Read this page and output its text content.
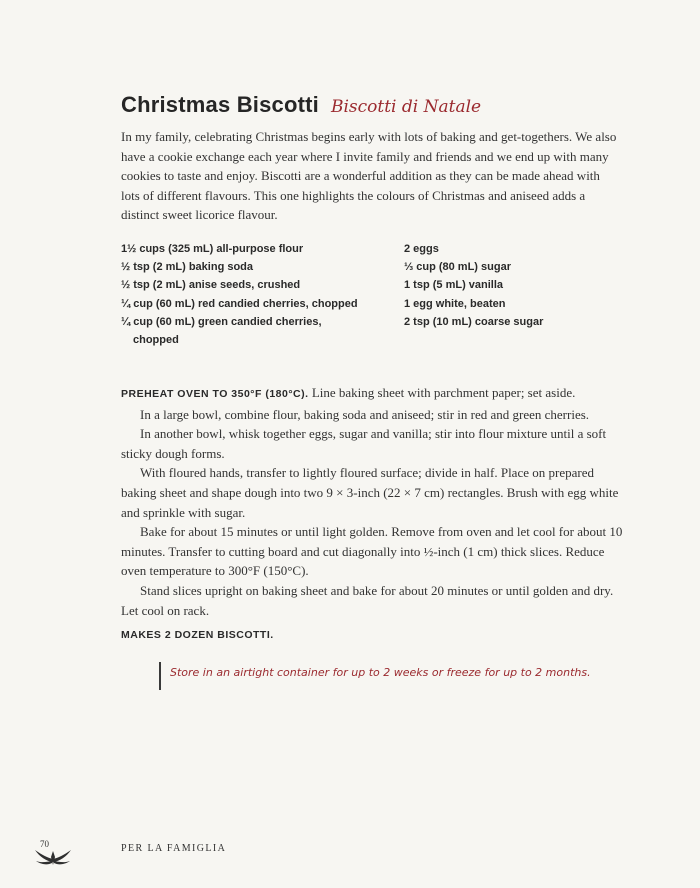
Christmas Biscotti Biscotti di Natale

In my family, celebrating Christmas begins early with lots of baking and get-togethers. We also have a cookie exchange each year where I invite family and friends and we end up with many cookies to taste and enjoy. Biscotti are a wonderful addition as they can be made ahead with lots of different flavours. This one highlights the colours of Christmas and aniseed adds a distinct sweet licorice flavour.

1½ cups (325 mL) all-purpose flour
½ tsp (2 mL) baking soda
½ tsp (2 mL) anise seeds, crushed
¼ cup (60 mL) red candied cherries, chopped
¼ cup (60 mL) green candied cherries, chopped
2 eggs
⅓ cup (80 mL) sugar
1 tsp (5 mL) vanilla
1 egg white, beaten
2 tsp (10 mL) coarse sugar

PREHEAT OVEN TO 350°F (180°C). Line baking sheet with parchment paper; set aside.

In a large bowl, combine flour, baking soda and aniseed; stir in red and green cherries.

In another bowl, whisk together eggs, sugar and vanilla; stir into flour mixture until a soft sticky dough forms.

With floured hands, transfer to lightly floured surface; divide in half. Place on prepared baking sheet and shape dough into two 9 × 3-inch (22 × 7 cm) rectangles. Brush with egg white and sprinkle with sugar.

Bake for about 15 minutes or until light golden. Remove from oven and let cool for about 10 minutes. Transfer to cutting board and cut diagonally into ½-inch (1 cm) thick slices. Reduce oven temperature to 300°F (150°C).

Stand slices upright on baking sheet and bake for about 20 minutes or until golden and dry. Let cool on rack.

MAKES 2 DOZEN BISCOTTI.
Store in an airtight container for up to 2 weeks or freeze for up to 2 months.
70	PER LA FAMIGLIA
